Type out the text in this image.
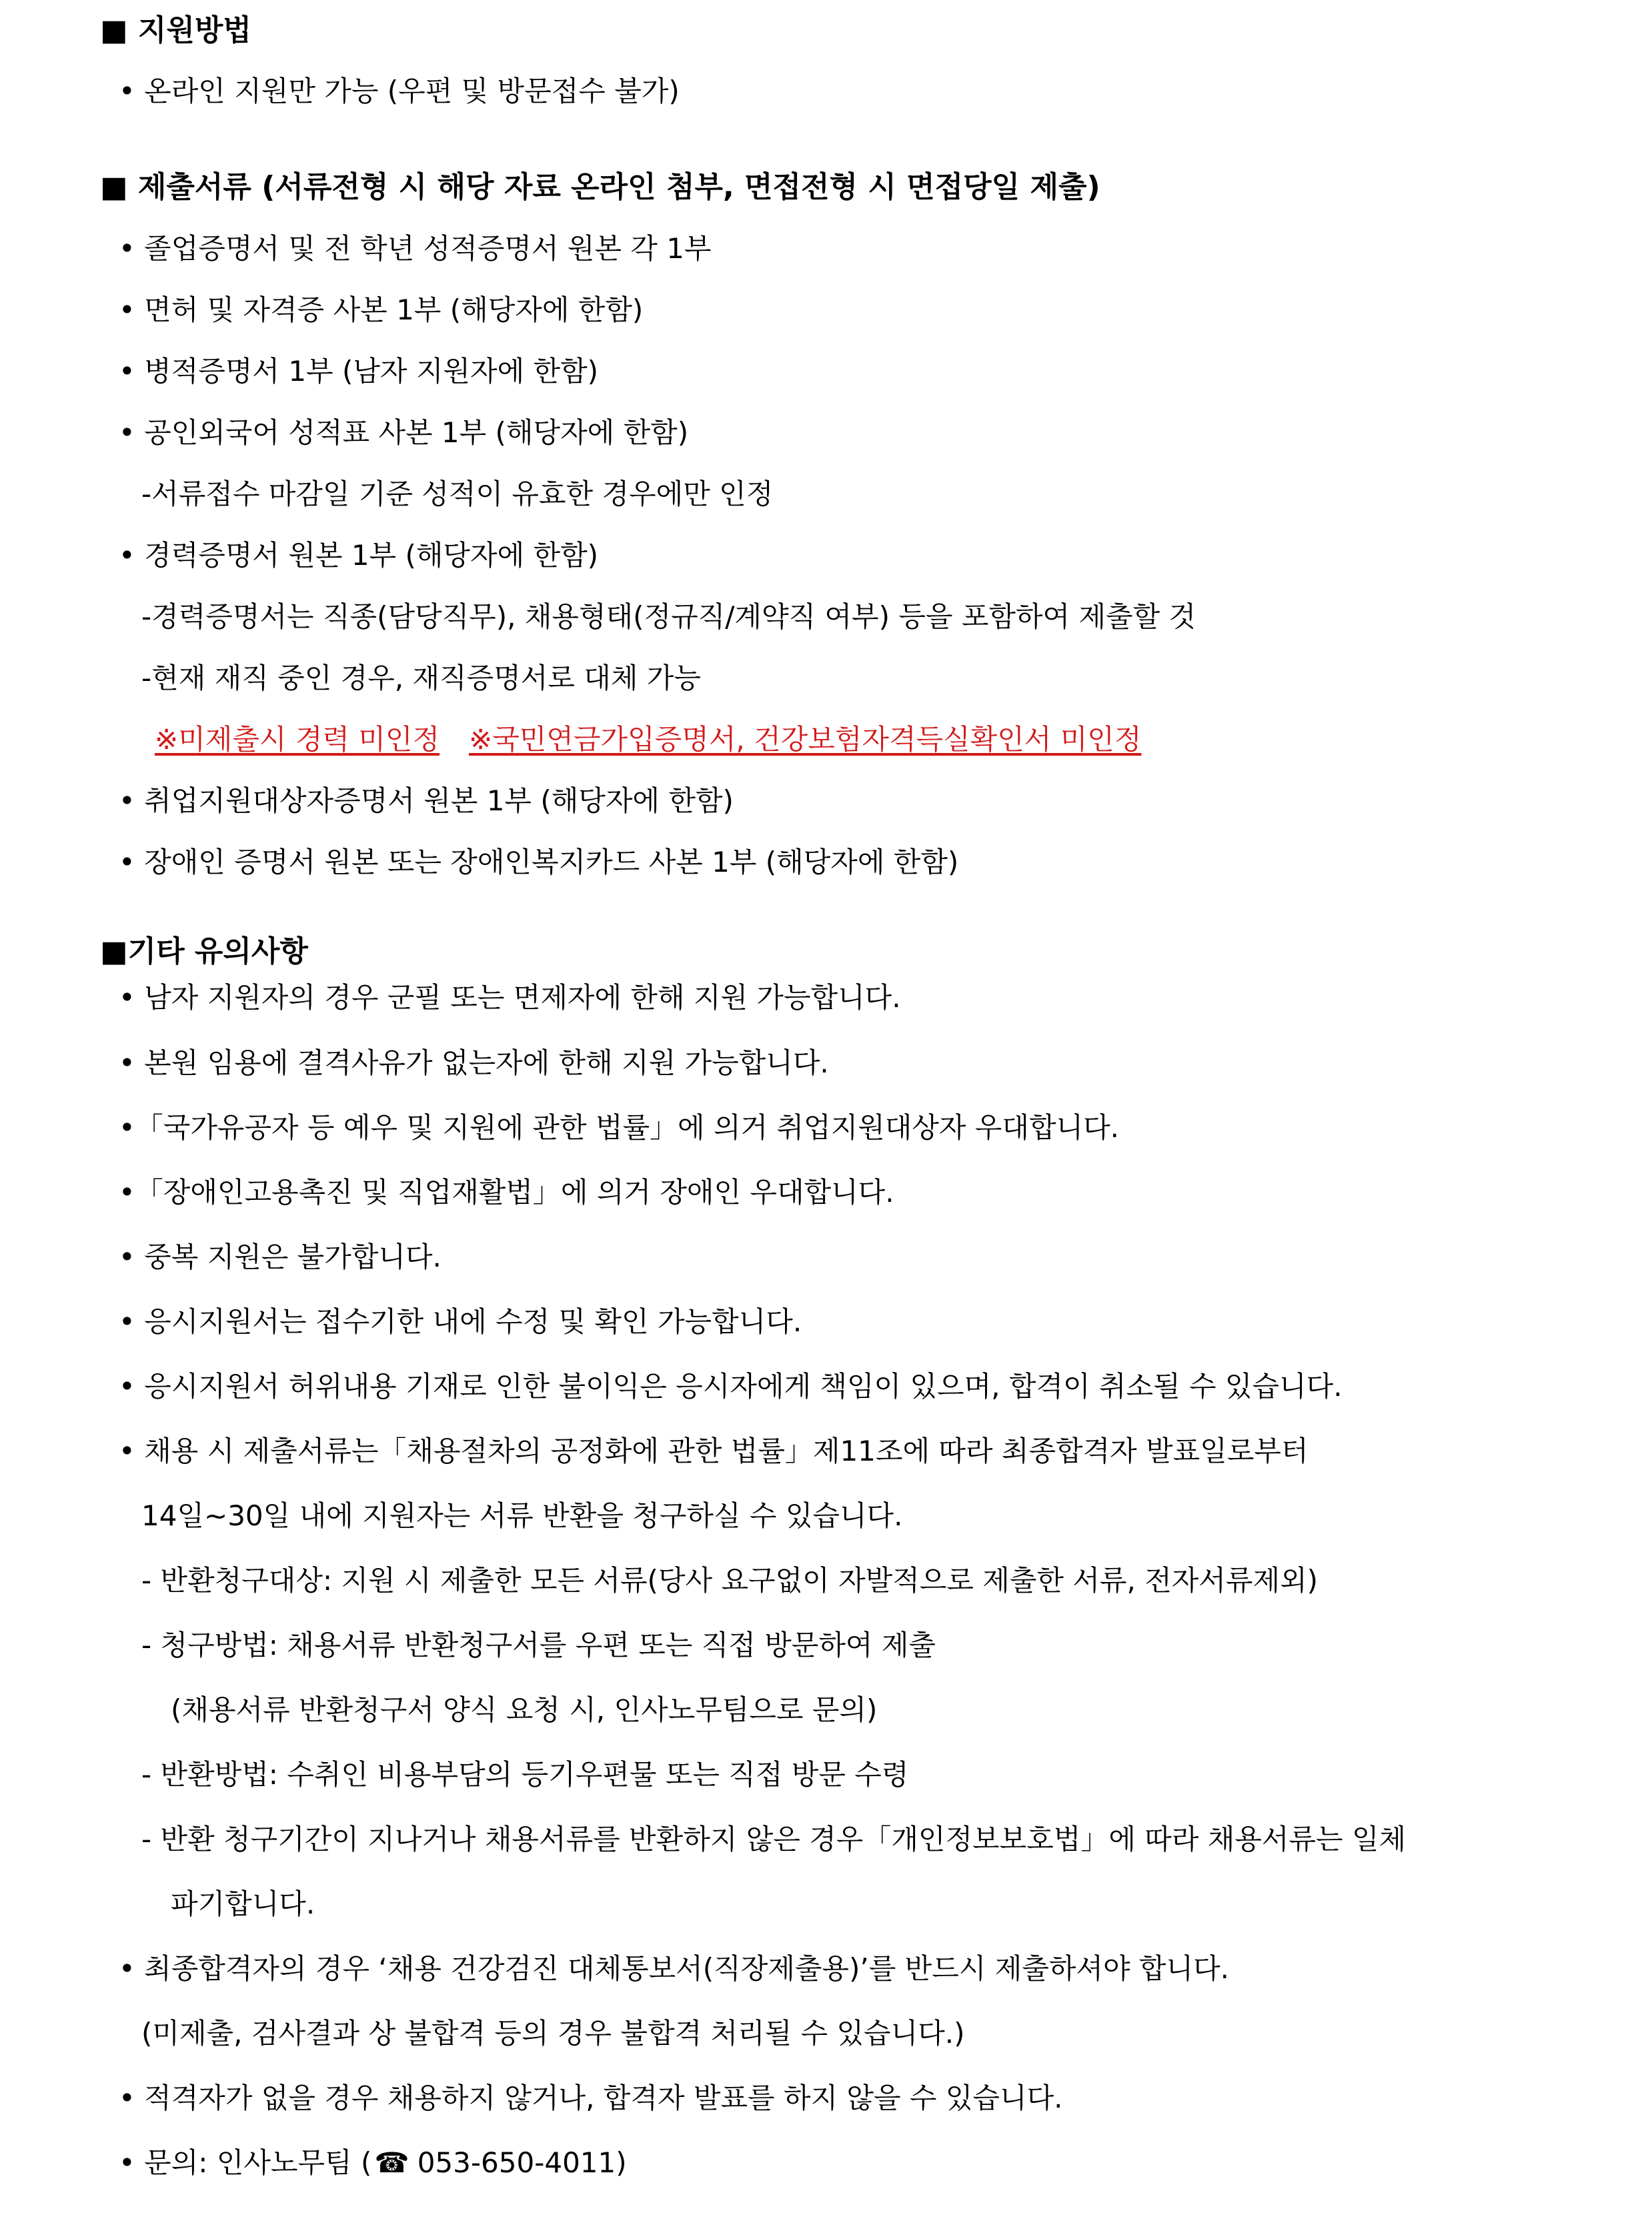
■ 지원방법
• 온라인 지원만 가능 (우편 및 방문접수 불가)
■ 제출서류 (서류전형 시 해당 자료 온라인 첨부, 면접전형 시 면접당일 제출)
• 졸업증명서 및 전 학년 성적증명서 원본 각 1부
• 면허 및 자격증 사본 1부 (해당자에 한함)
• 병적증명서 1부 (남자 지원자에 한함)
• 공인외국어 성적표 사본 1부 (해당자에 한함)
-서류접수 마감일 기준 성적이 유효한 경우에만 인정
• 경력증명서 원본 1부 (해당자에 한함)
-경력증명서는 직종(담당직무), 채용형태(정규직/계약직 여부) 등을 포함하여 제출할 것
-현재 재직 중인 경우, 재직증명서로 대체 가능
※미제출시 경력 미인정 ※국민연금가입증명서, 건강보험자격득실확인서 미인정
• 취업지원대상자증명서 원본 1부 (해당자에 한함)
• 장애인 증명서 원본 또는 장애인복지카드 사본 1부 (해당자에 한함)
■기타 유의사항
• 남자 지원자의 경우 군필 또는 면제자에 한해 지원 가능합니다.
• 본원 임용에 결격사유가 없는자에 한해 지원 가능합니다.
•「국가유공자 등 예우 및 지원에 관한 법률」에 의거 취업지원대상자 우대합니다.
•「장애인고용촉진 및 직업재활법」에 의거 장애인 우대합니다.
• 중복 지원은 불가합니다.
• 응시지원서는 접수기한 내에 수정 및 확인 가능합니다.
• 응시지원서 허위내용 기재로 인한 불이익은 응시자에게 책임이 있으며, 합격이 취소될 수 있습니다.
• 채용 시 제출서류는「채용절차의 공정화에 관한 법률」제11조에 따라 최종합격자 발표일로부터
14일~30일 내에 지원자는 서류 반환을 청구하실 수 있습니다.
- 반환청구대상: 지원 시 제출한 모든 서류(당사 요구없이 자발적으로 제출한 서류, 전자서류제외)
- 청구방법: 채용서류 반환청구서를 우편 또는 직접 방문하여 제출
(채용서류 반환청구서 양식 요청 시, 인사노무팀으로 문의)
- 반환방법: 수취인 비용부담의 등기우편물 또는 직접 방문 수령
- 반환 청구기간이 지나거나 채용서류를 반환하지 않은 경우「개인정보보호법」에 따라 채용서류는 일체
파기합니다.
• 최종합격자의 경우 ‘채용 건강검진 대체통보서(직장제출용)’를 반드시 제출하셔야 합니다.
(미제출, 검사결과 상 불합격 등의 경우 불합격 처리될 수 있습니다.)
• 적격자가 없을 경우 채용하지 않거나, 합격자 발표를 하지 않을 수 있습니다.
• 문의: 인사노무팀 (☎ 053-650-4011)
